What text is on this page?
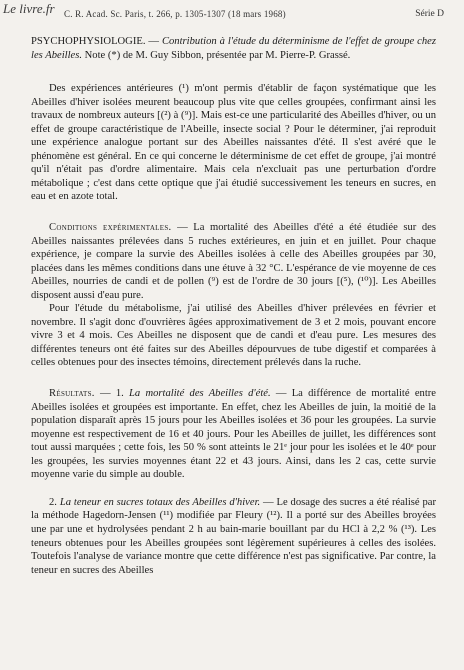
Le livre.fr C. R. Acad. Sc. Paris, t. 266, p. 1305-1307 (18 mars 1968)	Série D

PSYCHOPHYSIOLOGIE. — Contribution à l'étude du déterminisme de l'effet de groupe chez les Abeilles. Note (*) de M. Guy Sibbon, présentée par M. Pierre-P. Grassé.

Des expériences antérieures (¹) m'ont permis d'établir de façon systématique que les Abeilles d'hiver isolées meurent beaucoup plus vite que celles groupées, confirmant ainsi les travaux de nombreux auteurs [(²) à (⁹)]. Mais est-ce une particularité des Abeilles d'hiver, ou un effet de groupe caractéristique de l'Abeille, insecte social ? Pour le déterminer, j'ai reproduit une expérience analogue portant sur des Abeilles naissantes d'été. Il s'est avéré que le phénomène est général. En ce qui concerne le déterminisme de cet effet de groupe, j'ai montré qu'il n'était pas d'ordre alimentaire. Mais cela n'excluait pas une perturbation d'ordre métabolique ; c'est dans cette optique que j'ai étudié successivement les teneurs en sucres, en eau et en azote total.

Conditions expérimentales. — La mortalité des Abeilles d'été a été étudiée sur des Abeilles naissantes prélevées dans 5 ruches extérieures, en juin et en juillet. Pour chaque expérience, je compare la survie des Abeilles isolées à celle des Abeilles groupées par 30, placées dans les mêmes conditions dans une étuve à 32 °C. L'espérance de vie moyenne de ces Abeilles, nourries de candi et de pollen (⁹) est de l'ordre de 30 jours [(⁵), (¹⁰)]. Les Abeilles disposent aussi d'eau pure.

Pour l'étude du métabolisme, j'ai utilisé des Abeilles d'hiver prélevées en février et novembre. Il s'agit donc d'ouvrières âgées approximativement de 3 et 2 mois, pouvant encore vivre 3 et 4 mois. Ces Abeilles ne disposent que de candi et d'eau pure. Les mesures des différentes teneurs ont été faites sur des Abeilles dépourvues de tube digestif et comparées à celles obtenues pour des insectes témoins, directement prélevés dans la ruche.

Résultats. — 1. La mortalité des Abeilles d'été. — La différence de mortalité entre Abeilles isolées et groupées est importante. En effet, chez les Abeilles de juin, la moitié de la population disparaît après 15 jours pour les Abeilles isolées et 36 pour les groupées. La survie moyenne est respectivement de 16 et 40 jours. Pour les Abeilles de juillet, les différences sont tout aussi marquées ; cette fois, les 50 % sont atteints le 21ᵉ jour pour les isolées et le 40ᵉ pour les groupées, les survies moyennes étant 22 et 43 jours. Ainsi, dans les 2 cas, cette survie moyenne varie du simple au double.

2. La teneur en sucres totaux des Abeilles d'hiver. — Le dosage des sucres a été réalisé par la méthode Hagedorn-Jensen (¹¹) modifiée par Fleury (¹²). Il a porté sur des Abeilles broyées une par une et hydrolysées pendant 2 h au bain-marie bouillant par du HCl à 2,2 % (¹³). Les teneurs obtenues pour les Abeilles groupées sont légèrement supérieures à celles des isolées. Toutefois l'analyse de variance montre que cette différence n'est pas significative. Par contre, la teneur en sucres des Abeilles
